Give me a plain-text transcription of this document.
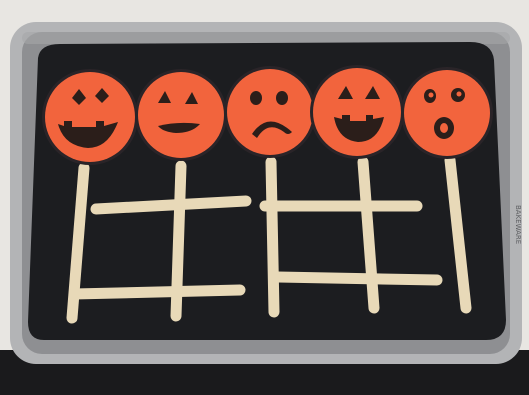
BAKEWARE
